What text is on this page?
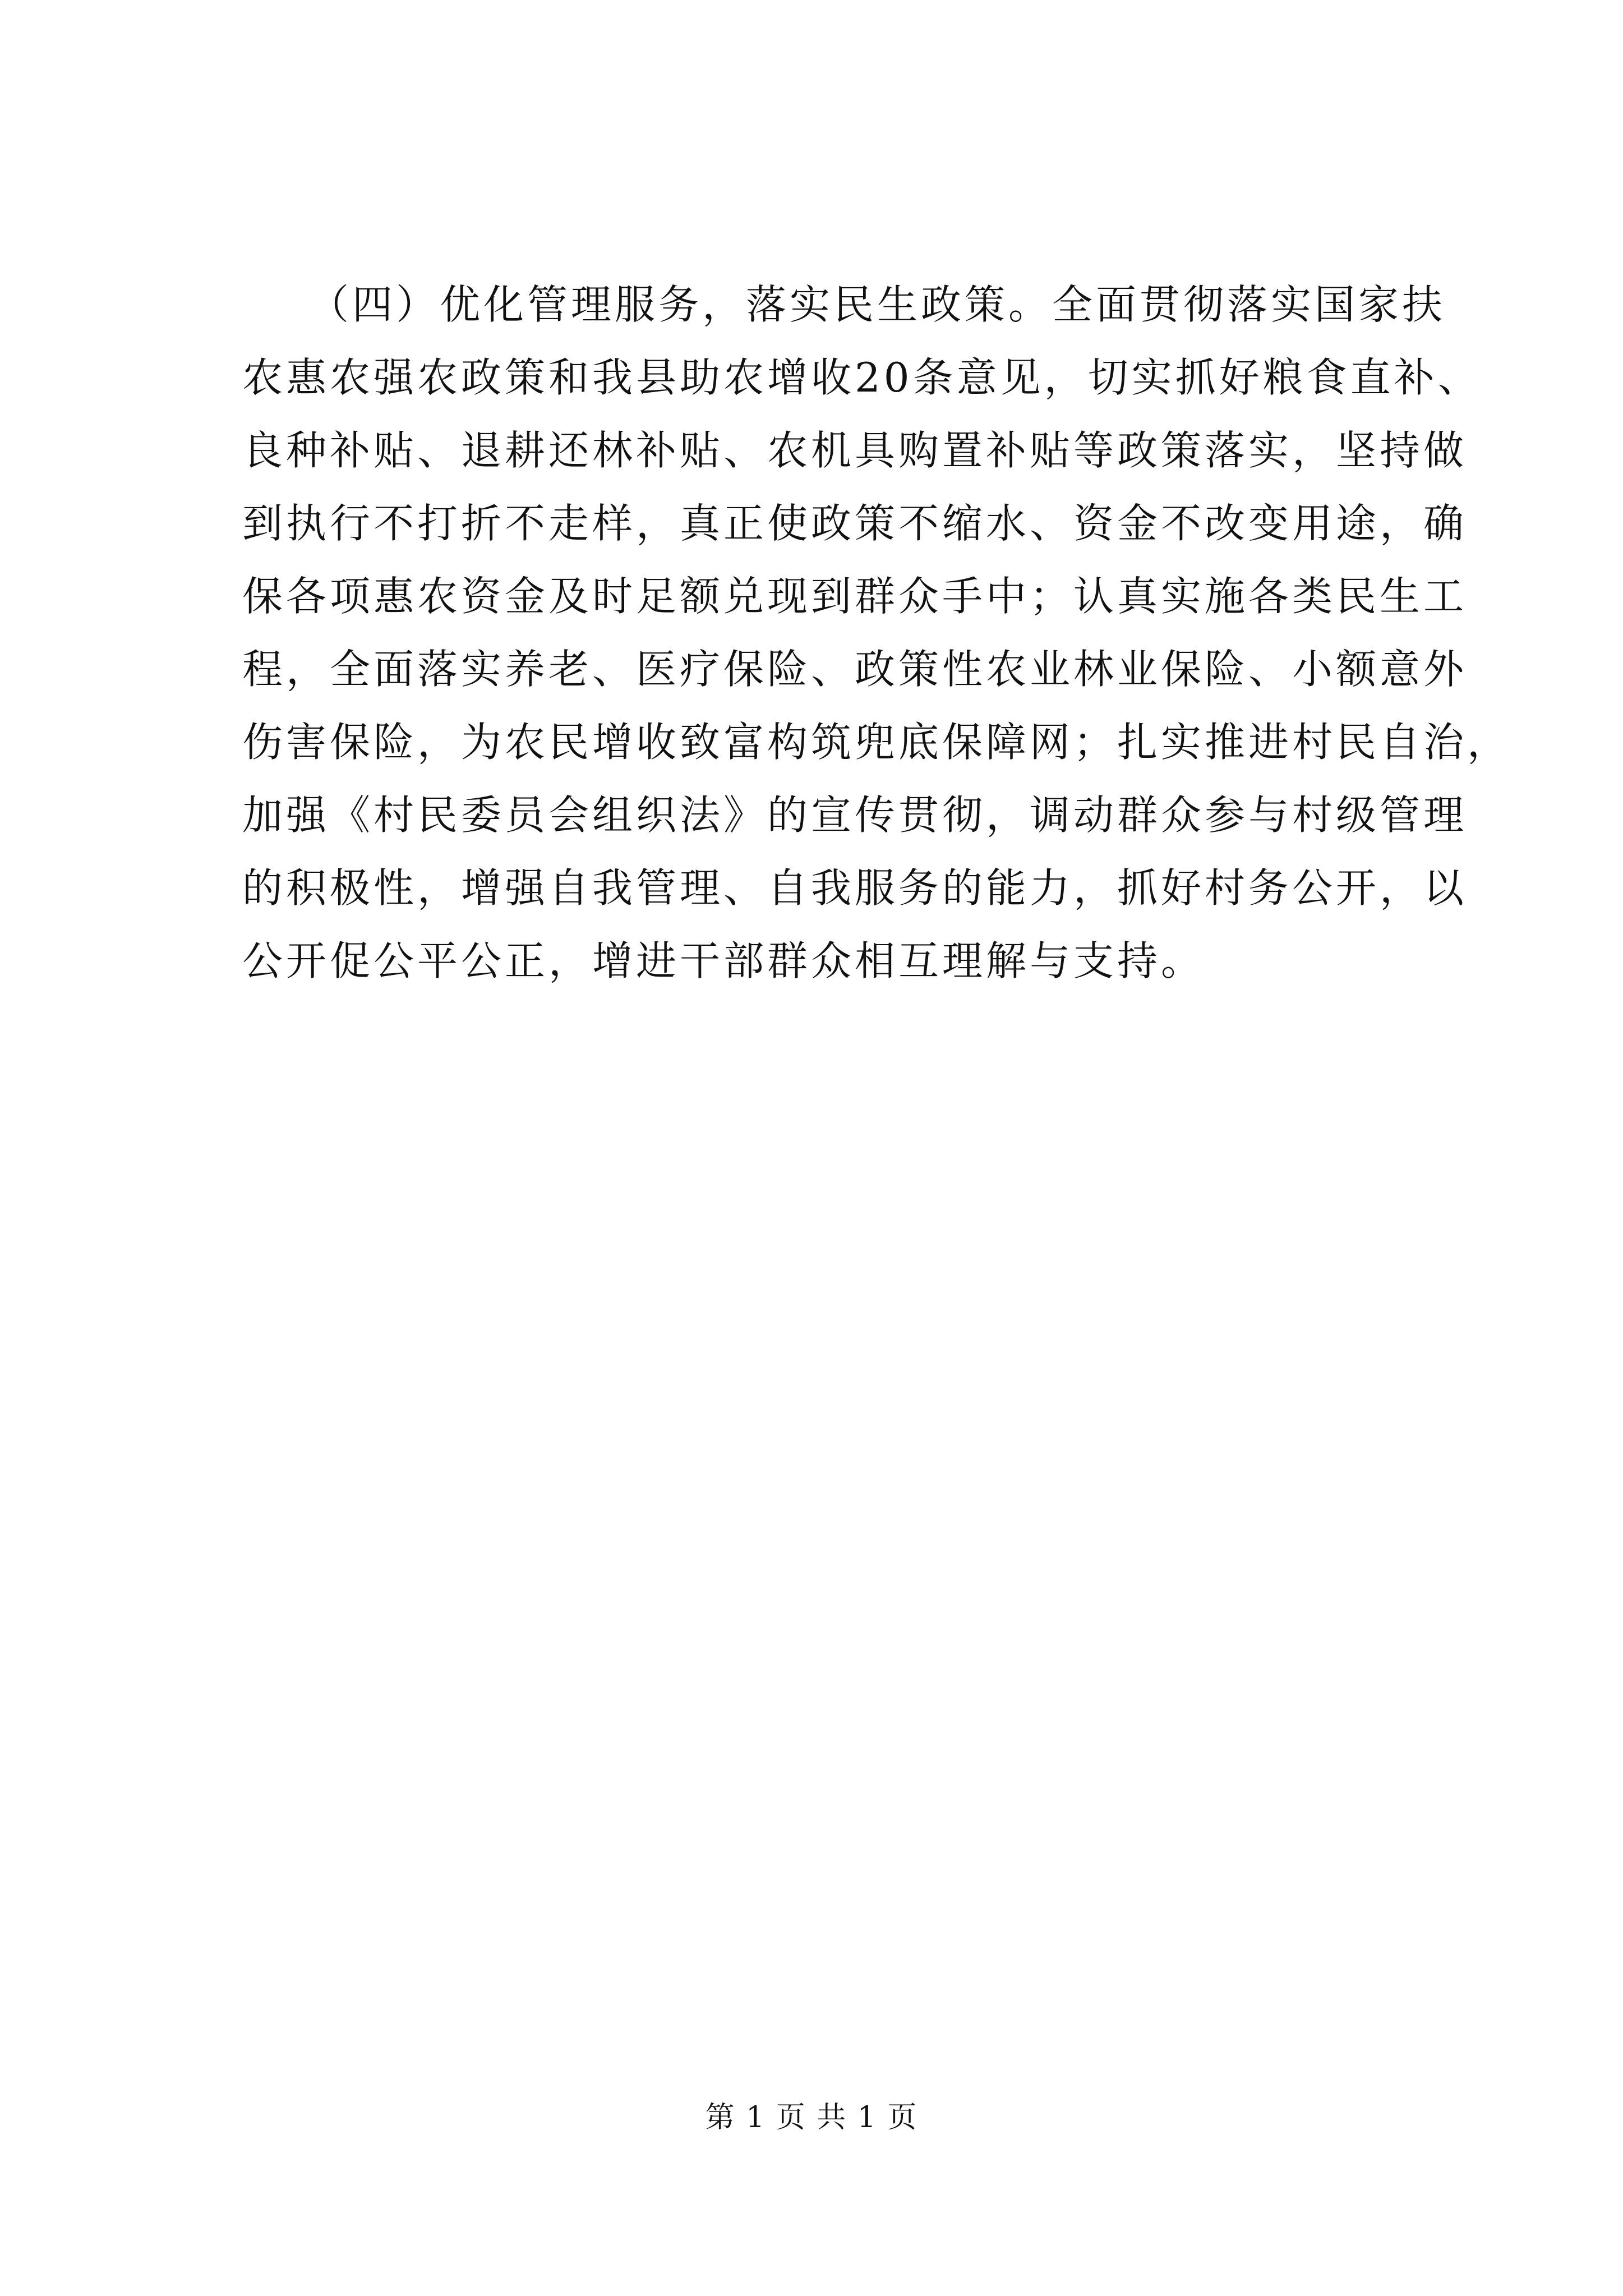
（四）优化管理服务，落实民生政策。全面贯彻落实国家扶
农惠农强农政策和我县助农增收20条意见，切实抓好粮食直补、
良种补贴、退耕还林补贴、农机具购置补贴等政策落实，坚持做
到执行不打折不走样，真正使政策不缩水、资金不改变用途，确
保各项惠农资金及时足额兑现到群众手中；认真实施各类民生工
程，全面落实养老、医疗保险、政策性农业林业保险、小额意外
伤害保险，为农民增收致富构筑兜底保障网；扎实推进村民自治，
加强《村民委员会组织法》的宣传贯彻，调动群众参与村级管理
的积极性，增强自我管理、自我服务的能力，抓好村务公开，以
公开促公平公正，增进干部群众相互理解与支持。
第 1 页 共 1 页
